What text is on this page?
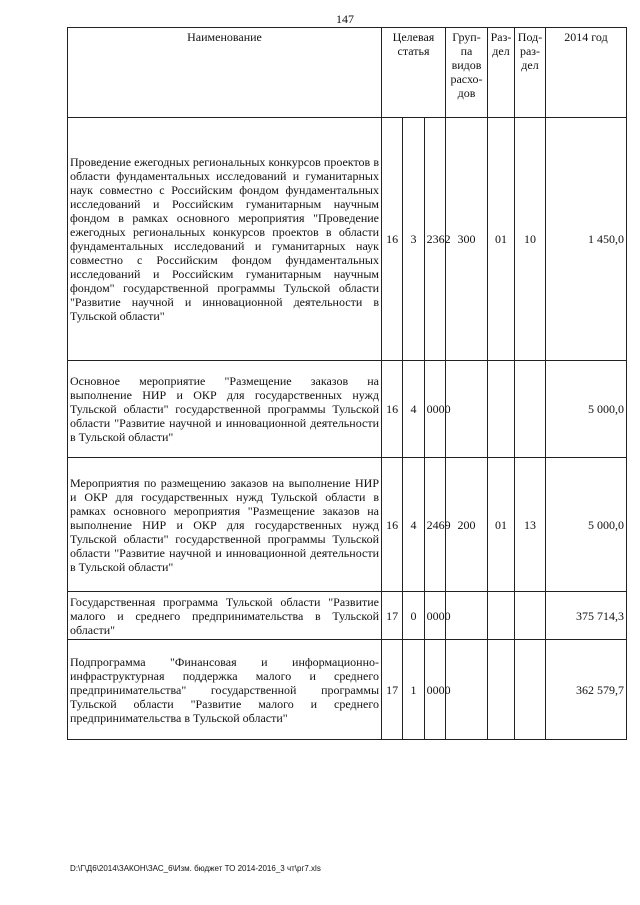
147
Наименование	Целевая статья			Груп-па видов расхо-дов	Раз-дел	Под-раз-дел	2014 год
Проведение ежегодных региональных конкурсов проектов в области фундаментальных исследований и гуманитарных наук совместно с Российским фондом фундаментальных исследований и Российским гуманитарным научным фондом в рамках основного мероприятия "Проведение ежегодных региональных конкурсов проектов в области фундаментальных исследований и гуманитарных наук совместно с Российским фондом фундаментальных исследований и Российским гуманитарным научным фондом" государственной программы Тульской области "Развитие научной и инновационной деятельности в Тульской области"	16	3	2362	300	01	10	1 450,0
Основное мероприятие "Размещение заказов на выполнение НИР и ОКР для государственных нужд Тульской области" государственной программы Тульской области "Развитие научной и инновационной деятельности в Тульской области"	16	4	0000				5 000,0
Мероприятия по размещению заказов на выполнение НИР и ОКР для государственных нужд Тульской области в рамках основного мероприятия "Размещение заказов на выполнение НИР и ОКР для государственных нужд Тульской области" государственной программы Тульской области "Развитие научной и инновационной деятельности в Тульской области"	16	4	2469	200	01	13	5 000,0
Государственная программа Тульской области "Развитие малого и среднего предпринимательства в Тульской области"	17	0	0000				375 714,3
Подпрограмма "Финансовая и информационно-инфраструктурная поддержка малого и среднего предпринимательства" государственной программы Тульской области "Развитие малого и среднего предпринимательства в Тульской области"	17	1	0000				362 579,7
D:\Г\Д6\2014\ЗАКОН\ЗАС_6\Изм. бюджет ТО 2014-2016_3 чт\рг7.xls
